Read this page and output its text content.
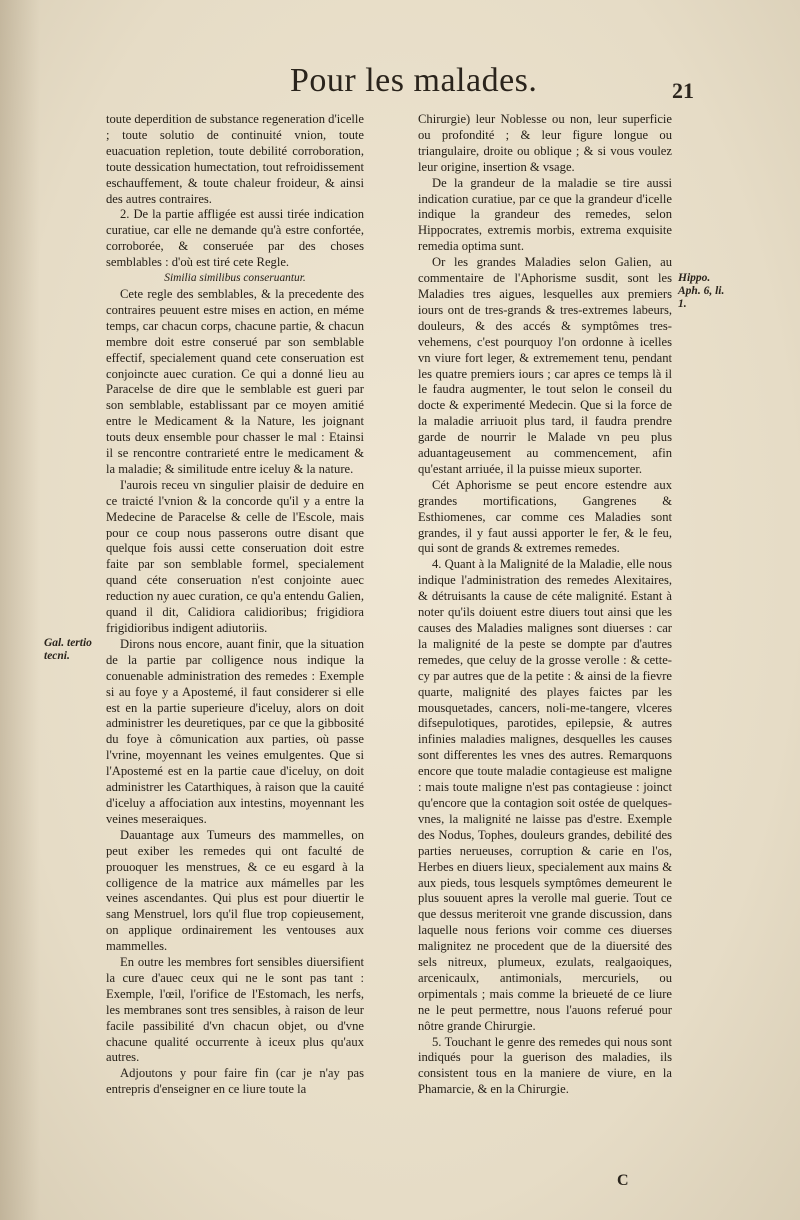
Pour les malades.	21
Gal. tertio tecni.
Hippo. Aph. 6, li. 1.

toute deperdition de substance regeneration d'icelle ; toute solutio de continuité vnion, toute euacuation repletion, toute debilité corroboration, toute dessication humectation, tout refroidissement eschauffement, & toute chaleur froideur, & ainsi des autres contraires.

2. De la partie affligée est aussi tirée indication curatiue, car elle ne demande qu'à estre confortée, corroborée, & conseruée par des choses semblables : d'où est tiré cete Regle.

Similia similibus conseruantur.

Cete regle des semblables, & la precedente des contraires peuuent estre mises en action, en méme temps, car chacun corps, chacune partie, & chacun membre doit estre conserué par son semblable effectif, specialement quand cete conseruation est conjoincte auec curation. Ce qui a donné lieu au Paracelse de dire que le semblable est gueri par son semblable, establissant par ce moyen amitié entre le Medicament & la Nature, les joignant touts deux ensemble pour chasser le mal : Etainsi il se rencontre contrarieté entre le medicament & la maladie; & similitude entre iceluy & la nature.

I'aurois receu vn singulier plaisir de deduire en ce traicté l'vnion & la concorde qu'il y a entre la Medecine de Paracelse & celle de l'Escole, mais pour ce coup nous passerons outre disant que quelque fois aussi cette conseruation doit estre faite par son semblable formel, specialement quand céte conseruation n'est conjointe auec reduction ny auec curation, ce qu'a entendu Galien, quand il dit, Calidiora calidioribus; frigidiora frigidioribus indigent adiutoriis.

Dirons nous encore, auant finir, que la situation de la partie par colligence nous indique la conuenable administration des remedes : Exemple si au foye y a Apostemé, il faut considerer si elle est en la partie superieure d'iceluy, alors on doit administrer les deuretiques, par ce que la gibbosité du foye à cômunication aux parties, où passe l'vrine, moyennant les veines emulgentes. Que si l'Apostemé est en la partie caue d'iceluy, on doit administrer les Catarthiques, à raison que la cauité d'iceluy a affociation aux intestins, moyennant les veines meseraiques.

Dauantage aux Tumeurs des mammelles, on peut exiber les remedes qui ont faculté de prouoquer les menstrues, & ce eu esgard à la colligence de la matrice aux mámelles par les veines ascendantes. Qui plus est pour diuertir le sang Menstruel, lors qu'il flue trop copieusement, on applique ordinairement les ventouses aux mammelles.

En outre les membres fort sensibles diuersifient la cure d'auec ceux qui ne le sont pas tant : Exemple, l'œil, l'orifice de l'Estomach, les nerfs, les membranes sont tres sensibles, à raison de leur facile passibilité d'vn chacun objet, ou d'vne chacune qualité occurrente à iceux plus qu'aux autres.

Adjoutons y pour faire fin (car je n'ay pas entrepris d'enseigner en ce liure toute la

Chirurgie) leur Noblesse ou non, leur superficie ou profondité ; & leur figure longue ou triangulaire, droite ou oblique ; & si vous voulez leur origine, insertion & vsage.

De la grandeur de la maladie se tire aussi indication curatiue, par ce que la grandeur d'icelle indique la grandeur des remedes, selon Hippocrates, extremis morbis, extrema exquisite remedia optima sunt.

Or les grandes Maladies selon Galien, au commentaire de l'Aphorisme susdit, sont les Maladies tres aigues, lesquelles aux premiers iours ont de tres-grands & tres-extremes labeurs, douleurs, & des accés & symptômes tres-vehemens, c'est pourquoy l'on ordonne à icelles vn viure fort leger, & extremement tenu, pendant les quatre premiers iours ; car apres ce temps là il le faudra augmenter, le tout selon le conseil du docte & experimenté Medecin. Que si la force de la maladie arriuoit plus tard, il faudra prendre garde de nourrir le Malade vn peu plus aduantageusement au commencement, afin qu'estant arriuée, il la puisse mieux suporter.

Cét Aphorisme se peut encore estendre aux grandes mortifications, Gangrenes & Esthiomenes, car comme ces Maladies sont grandes, il y faut aussi apporter le fer, & le feu, qui sont de grands & extremes remedes.

4. Quant à la Malignité de la Maladie, elle nous indique l'administration des remedes Alexitaires, & détruisants la cause de céte malignité. Estant à noter qu'ils doiuent estre diuers tout ainsi que les causes des Maladies malignes sont diuerses : car la malignité de la peste se dompte par d'autres remedes, que celuy de la grosse verolle : & cette-cy par autres que de la petite : & ainsi de la fievre quarte, malignité des playes faictes par les mousquetades, cancers, noli-me-tangere, vlceres difsepulotiques, parotides, epilepsie, & autres infinies maladies malignes, desquelles les causes sont differentes les vnes des autres. Remarquons encore que toute maladie contagieuse est maligne : mais toute maligne n'est pas contagieuse : joinct qu'encore que la contagion soit ostée de quelques-vnes, la malignité ne laisse pas d'estre. Exemple des Nodus, Tophes, douleurs grandes, debilité des parties nerueuses, corruption & carie en l'os, Herbes en diuers lieux, specialement aux mains & aux pieds, tous lesquels symptômes demeurent le plus souuent apres la verolle mal guerie. Tout ce que dessus meriteroit vne grande discussion, dans laquelle nous ferions voir comme ces diuerses malignitez ne procedent que de la diuersité des sels nitreux, plumeux, ezulats, realgaoiques, arcenicaulx, antimonials, mercuriels, ou orpimentals ; mais comme la brieueté de ce liure ne le peut permettre, nous l'auons referué pour nôtre grande Chirurgie.

5. Touchant le genre des remedes qui nous sont indiqués pour la guerison des maladies, ils consistent tous en la maniere de viure, en la Phamarcie, & en la Chirurgie.

C
